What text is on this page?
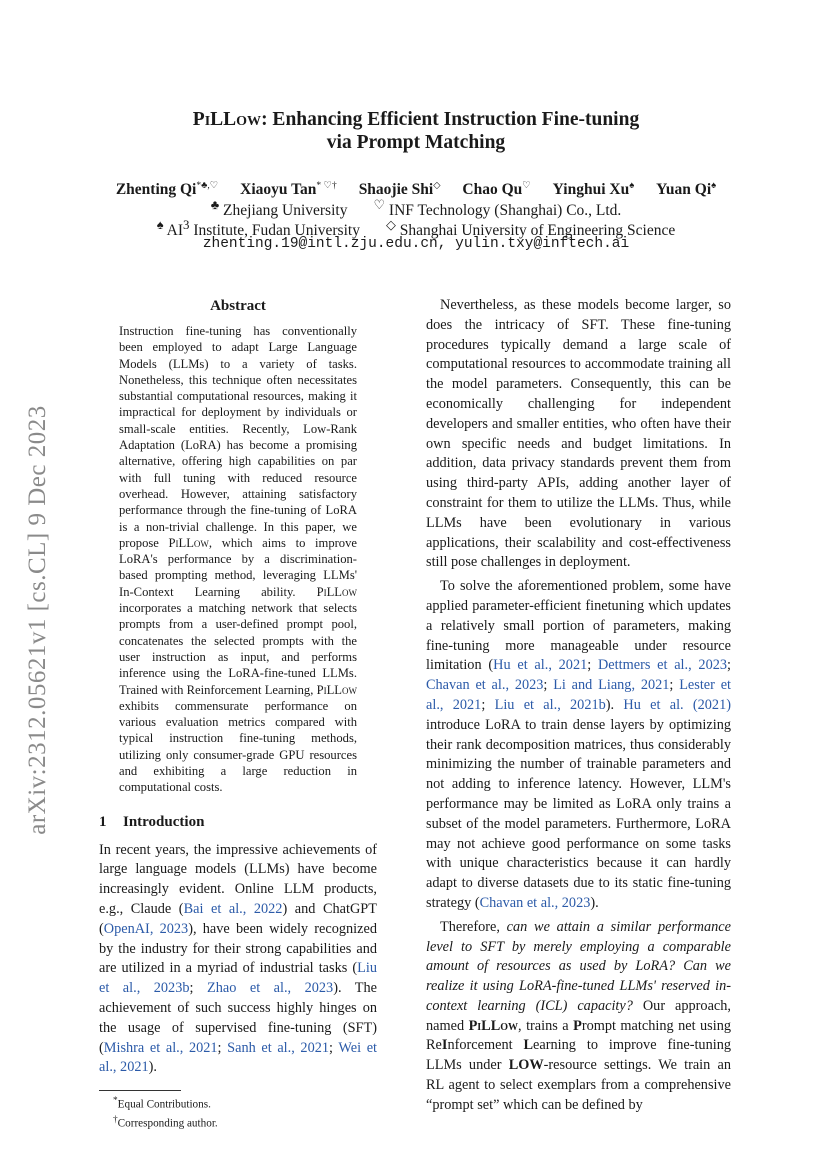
arXiv:2312.05621v1 [cs.CL] 9 Dec 2023
PiLLow: Enhancing Efficient Instruction Fine-tuning
via Prompt Matching
Zhenting Qi*♣,♡ Xiaoyu Tan* ♡† Shaojie Shi◇ Chao Qu♡ Yinghui Xu♠ Yuan Qi♠
♣ Zhejiang University ♡ INF Technology (Shanghai) Co., Ltd.
♠ $AI^3$ Institute, Fudan University ◇ Shanghai University of Engineering Science
zhenting.19@intl.zju.edu.cn, yulin.txy@inftech.ai
Abstract

Instruction fine-tuning has conventionally been employed to adapt Large Language Models (LLMs) to a variety of tasks. Nonetheless, this technique often necessitates substantial computational resources, making it impractical for deployment by individuals or small-scale entities. Recently, Low-Rank Adaptation (LoRA) has become a promising alternative, offering high capabilities on par with full tuning with reduced resource overhead. However, attaining satisfactory performance through the fine-tuning of LoRA is a non-trivial challenge. In this paper, we propose PiLLow, which aims to improve LoRA's performance by a discrimination-based prompting method, leveraging LLMs' In-Context Learning ability. PiLLow incorporates a matching network that selects prompts from a user-defined prompt pool, concatenates the selected prompts with the user instruction as input, and performs inference using the LoRA-fine-tuned LLMs. Trained with Reinforcement Learning, PiLLow exhibits commensurate performance on various evaluation metrics compared with typical instruction fine-tuning methods, utilizing only consumer-grade GPU resources and exhibiting a large reduction in computational costs.

1 Introduction

In recent years, the impressive achievements of large language models (LLMs) have become increasingly evident. Online LLM products, e.g., Claude (Bai et al., 2022) and ChatGPT (OpenAI, 2023), have been widely recognized by the industry for their strong capabilities and are utilized in a myriad of industrial tasks (Liu et al., 2023b; Zhao et al., 2023). The achievement of such success highly hinges on the usage of supervised fine-tuning (SFT) (Mishra et al., 2021; Sanh et al., 2021; Wei et al., 2021).

*Equal Contributions.

†Corresponding author.

Nevertheless, as these models become larger, so does the intricacy of SFT. These fine-tuning procedures typically demand a large scale of computational resources to accommodate training all the model parameters. Consequently, this can be economically challenging for independent developers and smaller entities, who often have their own specific needs and budget limitations. In addition, data privacy standards prevent them from using third-party APIs, adding another layer of constraint for them to utilize the LLMs. Thus, while LLMs have been evolutionary in various applications, their scalability and cost-effectiveness still pose challenges in deployment.

To solve the aforementioned problem, some have applied parameter-efficient finetuning which updates a relatively small portion of parameters, making fine-tuning more manageable under resource limitation (Hu et al., 2021; Dettmers et al., 2023; Chavan et al., 2023; Li and Liang, 2021; Lester et al., 2021; Liu et al., 2021b). Hu et al. (2021) introduce LoRA to train dense layers by optimizing their rank decomposition matrices, thus considerably minimizing the number of trainable parameters and not adding to inference latency. However, LLM's performance may be limited as LoRA only trains a subset of the model parameters. Furthermore, LoRA may not achieve good performance on some tasks with unique characteristics because it can hardly adapt to diverse datasets due to its static fine-tuning strategy (Chavan et al., 2023).

Therefore, can we attain a similar performance level to SFT by merely employing a comparable amount of resources as used by LoRA? Can we realize it using LoRA-fine-tuned LLMs' reserved in-context learning (ICL) capacity? Our approach, named PiLLow, trains a Prompt matching net using ReInforcement Learning to improve fine-tuning LLMs under LOW-resource settings. We train an RL agent to select exemplars from a comprehensive “prompt set” which can be defined by
